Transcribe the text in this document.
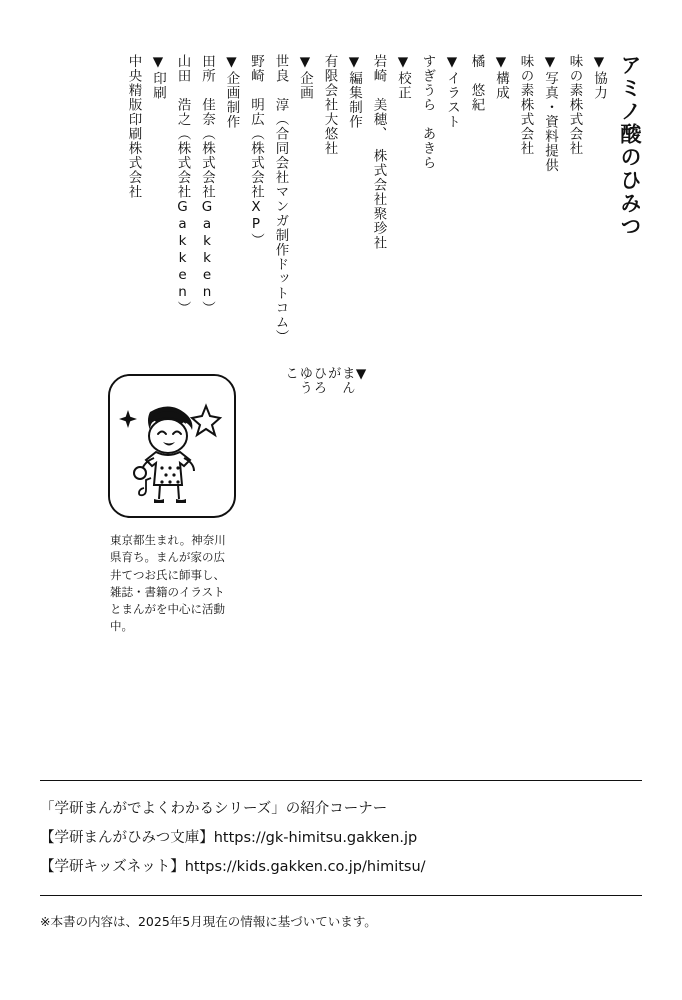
アミノ酸のひみつ
▼協力
味の素株式会社
▼写真・資料提供
味の素株式会社
▼構成
橘　悠紀
▼イラスト
すぎうら　あきら
▼校正
岩崎　美穂、　株式会社聚珍社
▼編集制作
有限会社大悠社
▼企画
世良　淳（合同会社マンガ制作ドットコム）
野崎　明広（株式会社XP）
▼企画制作
田所　佳奈（株式会社Gakken）
山田　浩之（株式会社Gakken）
▼印刷
中央精版印刷株式会社
▼まんが ひろ　ゆうこ
東京都生まれ。神奈川県育ち。まんが家の広井てつお氏に師事し、雑誌・書籍のイラストとまんがを中心に活動中。
「学研まんがでよくわかるシリーズ」の紹介コーナー
【学研まんがひみつ文庫】https://gk-himitsu.gakken.jp
【学研キッズネット】https://kids.gakken.co.jp/himitsu/
※本書の内容は、2025年5月現在の情報に基づいています。
